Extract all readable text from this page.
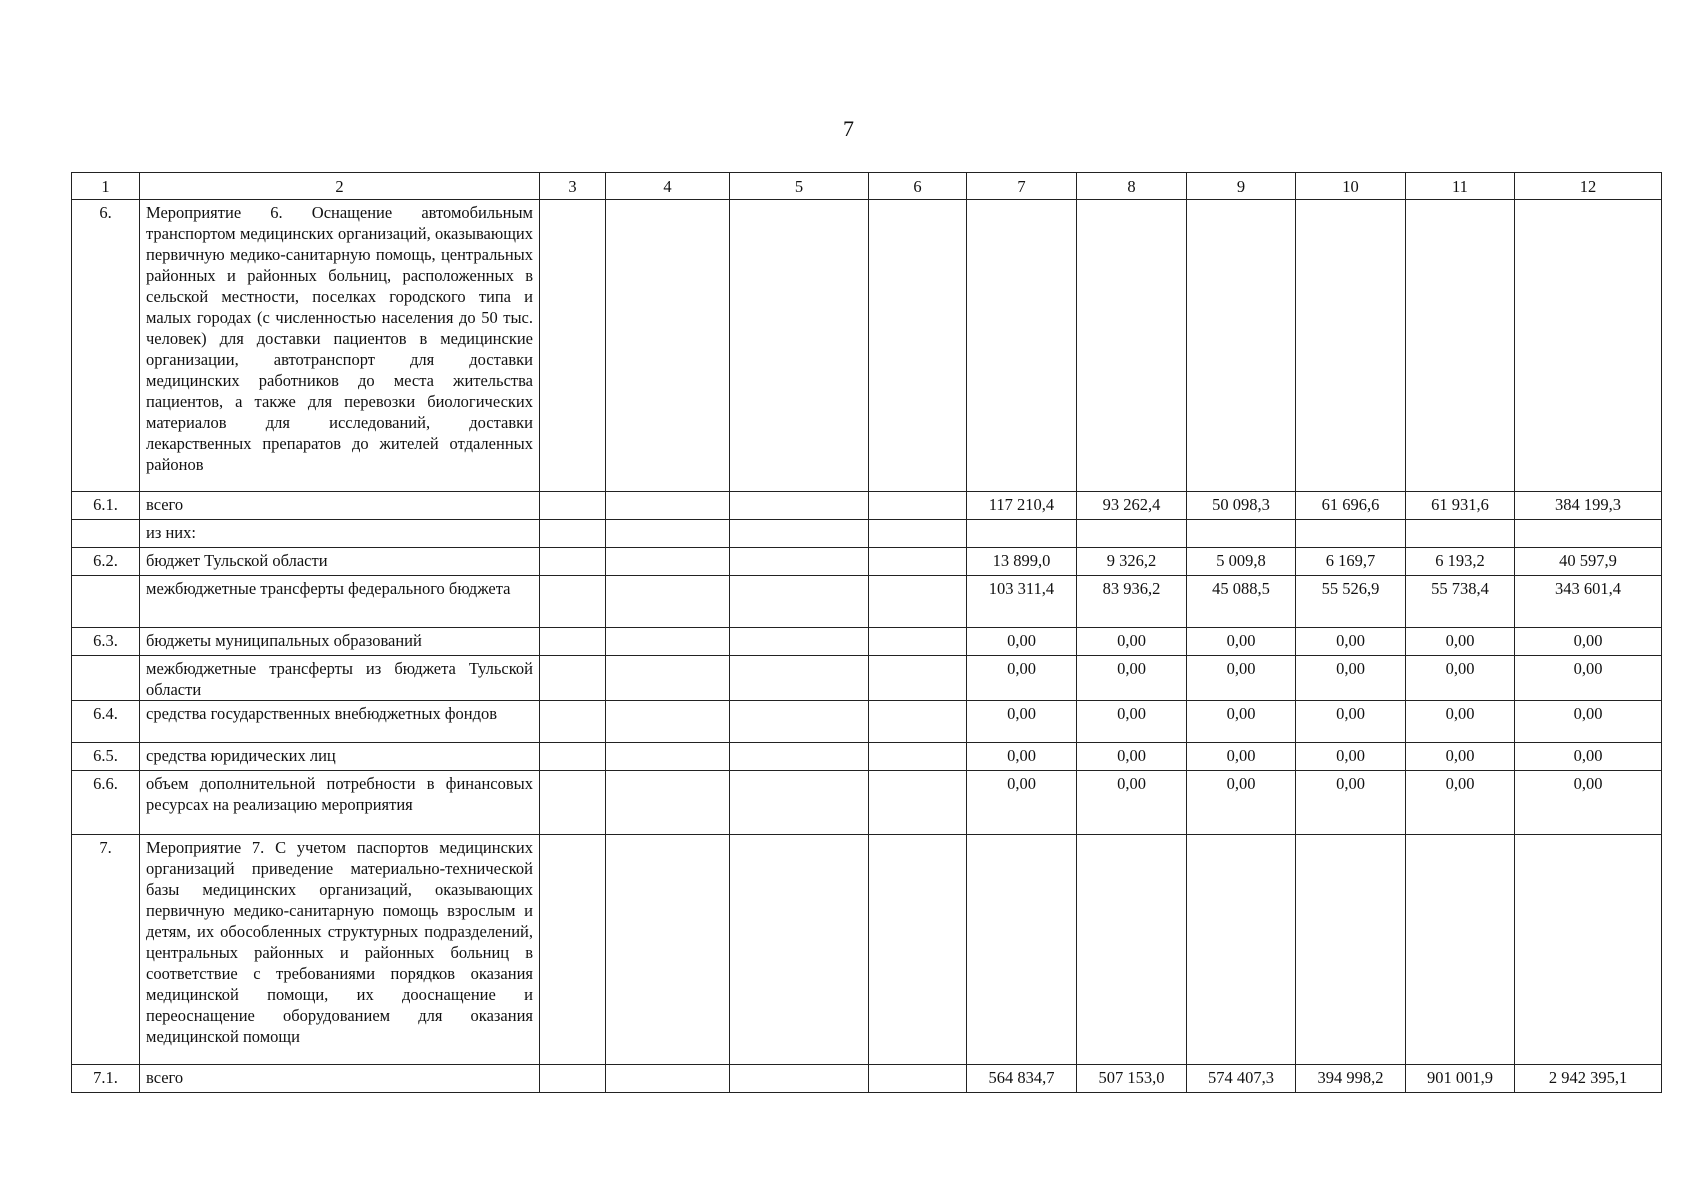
7
1	2	3	4	5	6	7	8	9	10	11	12
6.	Мероприятие 6. Оснащение автомобильным транспортом медицинских организаций, оказывающих первичную медико-санитарную помощь, центральных районных и районных больниц, расположенных в сельской местности, поселках городского типа и малых городах (с численностью населения до 50 тыс. человек) для доставки пациентов в медицинские организации, автотранспорт для доставки медицинских работников до места жительства пациентов, а также для перевозки биологических материалов для исследований, доставки лекарственных препаратов до жителей отдаленных районов										
6.1.	всего					117 210,4	93 262,4	50 098,3	61 696,6	61 931,6	384 199,3
	из них:										
6.2.	бюджет Тульской области					13 899,0	9 326,2	5 009,8	6 169,7	6 193,2	40 597,9
	межбюджетные трансферты федерального бюджета					103 311,4	83 936,2	45 088,5	55 526,9	55 738,4	343 601,4
6.3.	бюджеты муниципальных образований					0,00	0,00	0,00	0,00	0,00	0,00
	межбюджетные трансферты из бюджета Тульской области					0,00	0,00	0,00	0,00	0,00	0,00
6.4.	средства государственных внебюджетных фондов					0,00	0,00	0,00	0,00	0,00	0,00
6.5.	средства юридических лиц					0,00	0,00	0,00	0,00	0,00	0,00
6.6.	объем дополнительной потребности в финансовых ресурсах на реализацию мероприятия					0,00	0,00	0,00	0,00	0,00	0,00
7.	Мероприятие 7. С учетом паспортов медицинских организаций приведение материально-технической базы медицинских организаций, оказывающих первичную медико-санитарную помощь взрослым и детям, их обособленных структурных подразделений, центральных районных и районных больниц в соответствие с требованиями порядков оказания медицинской помощи, их дооснащение и переоснащение оборудованием для оказания медицинской помощи										
7.1.	всего					564 834,7	507 153,0	574 407,3	394 998,2	901 001,9	2 942 395,1
